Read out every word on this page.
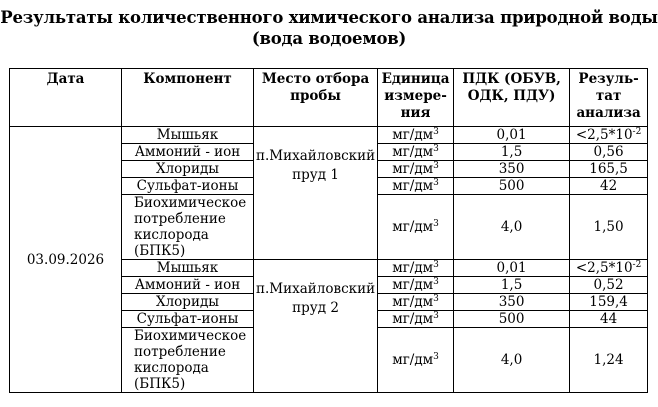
Результаты количественного химического анализа природной воды
(вода водоемов)
Дата	Компонент	Место отбора пробы	Единица измере-ния	ПДК (ОБУВ, ОДК, ПДУ)	Резуль-тат анализа
03.09.2026	Мышьяк	п.Михайловский пруд 1	$мг/дм^3$	0,01	$<2,5*10^{-2}$
	Аммоний - ион		$мг/дм^3$	1,5	0,56
	Хлориды		$мг/дм^3$	350	165,5
	Сульфат-ионы		$мг/дм^3$	500	42
	Биохимическое потребление кислорода (БПК5)		$мг/дм^3$	4,0	1,50
	Мышьяк	п.Михайловский пруд 2	$мг/дм^3$	0,01	$<2,5*10^{-2}$
	Аммоний - ион		$мг/дм^3$	1,5	0,52
	Хлориды		$мг/дм^3$	350	159,4
	Сульфат-ионы		$мг/дм^3$	500	44
	Биохимическое потребление кислорода (БПК5)		$мг/дм^3$	4,0	1,24
